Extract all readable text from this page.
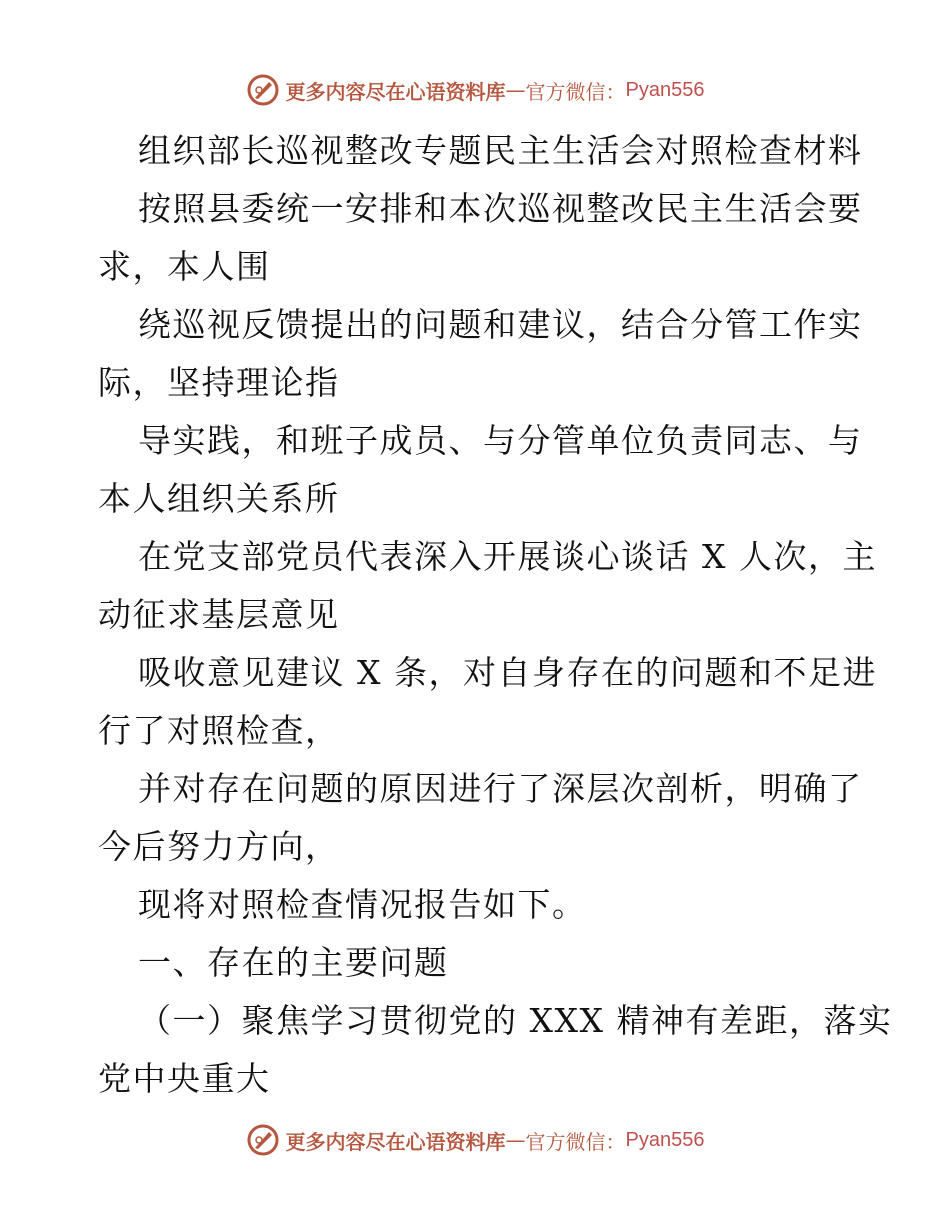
更多内容尽在心语资料库 — 官方微信： Pyan556
组织部长巡视整改专题民主生活会对照检查材料
按照县委统一安排和本次巡视整改民主生活会要
求，本人围
绕巡视反馈提出的问题和建议，结合分管工作实
际，坚持理论指
导实践，和班子成员、与分管单位负责同志、与
本人组织关系所
在党支部党员代表深入开展谈心谈话 X 人次，主
动征求基层意见
吸收意见建议 X 条，对自身存在的问题和不足进
行了对照检查，
并对存在问题的原因进行了深层次剖析，明确了
今后努力方向，
现将对照检查情况报告如下。
一、存在的主要问题
（一）聚焦学习贯彻党的 XXX 精神有差距，落实
党中央重大
更多内容尽在心语资料库 — 官方微信： Pyan556
